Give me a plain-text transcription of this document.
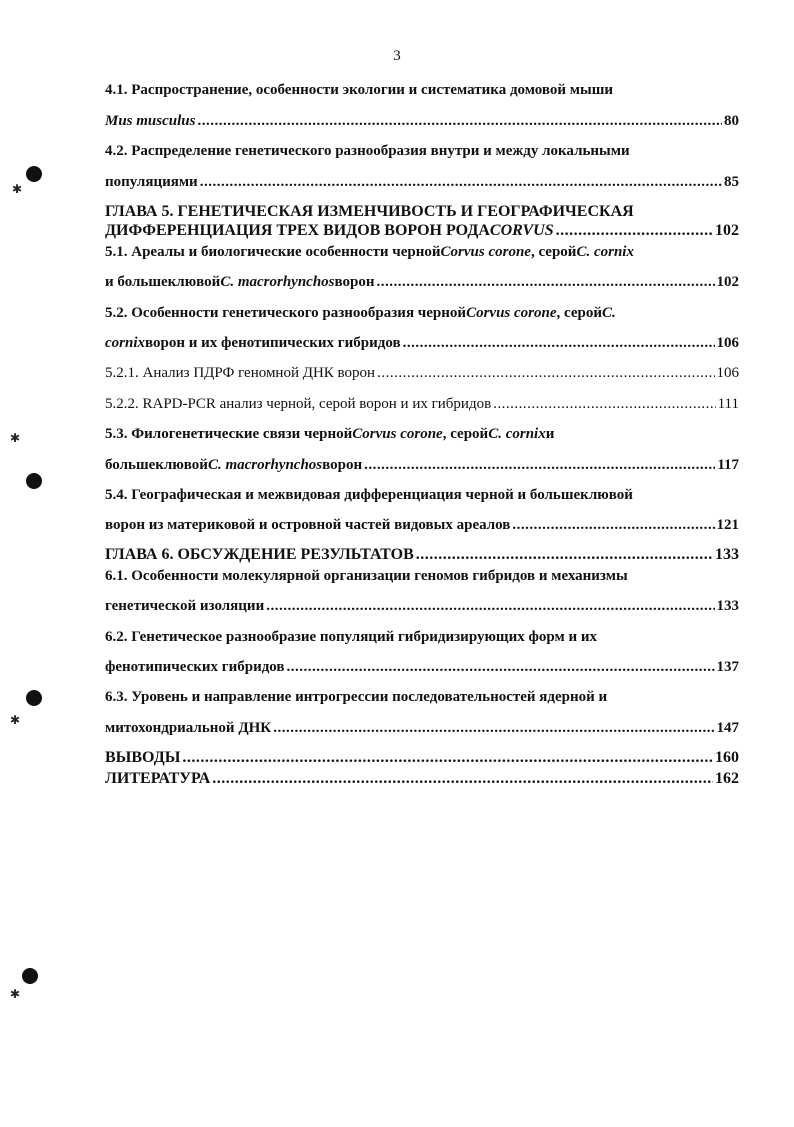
3
4.1. Распространение, особенности экологии и систематика домовой мыши
Mus musculus .....	80
4.2. Распределение генетического разнообразия внутри и между локальными
популяциями .....	85
ГЛАВА 5. ГЕНЕТИЧЕСКАЯ ИЗМЕНЧИВОСТЬ И ГЕОГРАФИЧЕСКАЯ
ДИФФЕРЕНЦИАЦИЯ ТРЕХ ВИДОВ ВОРОН РОДА CORVUS .....	102
5.1. Ареалы и биологические особенности черной Corvus corone , серой C. cornix
и большеклювой C. macrorhynchos ворон .....	102
5.2. Особенности генетического разнообразия черной Corvus corone , серой C.
cornix ворон и их фенотипических гибридов .....	106
5.2.1. Анализ ПДРФ геномной ДНК ворон .....	106
5.2.2. RAPD-PCR анализ черной, серой ворон и их гибридов .....	111
5.3. Филогенетические связи черной Corvus corone , серой C. cornix и
большеклювой C. macrorhynchos ворон .....	117
5.4. Географическая и межвидовая дифференциация черной и большеклювой
ворон из материковой и островной частей видовых ареалов .....	121
ГЛАВА 6. ОБСУЖДЕНИЕ РЕЗУЛЬТАТОВ .....	133
6.1. Особенности молекулярной организации геномов гибридов и механизмы
генетической изоляции .....	133
6.2. Генетическое разнообразие популяций гибридизирующих форм и их
фенотипических гибридов .....	137
6.3. Уровень и направление интрогрессии последовательностей ядерной и
митохондриальной ДНК .....	147
ВЫВОДЫ .....	160
ЛИТЕРАТУРА .....	162
✱
✱
✱
✱
